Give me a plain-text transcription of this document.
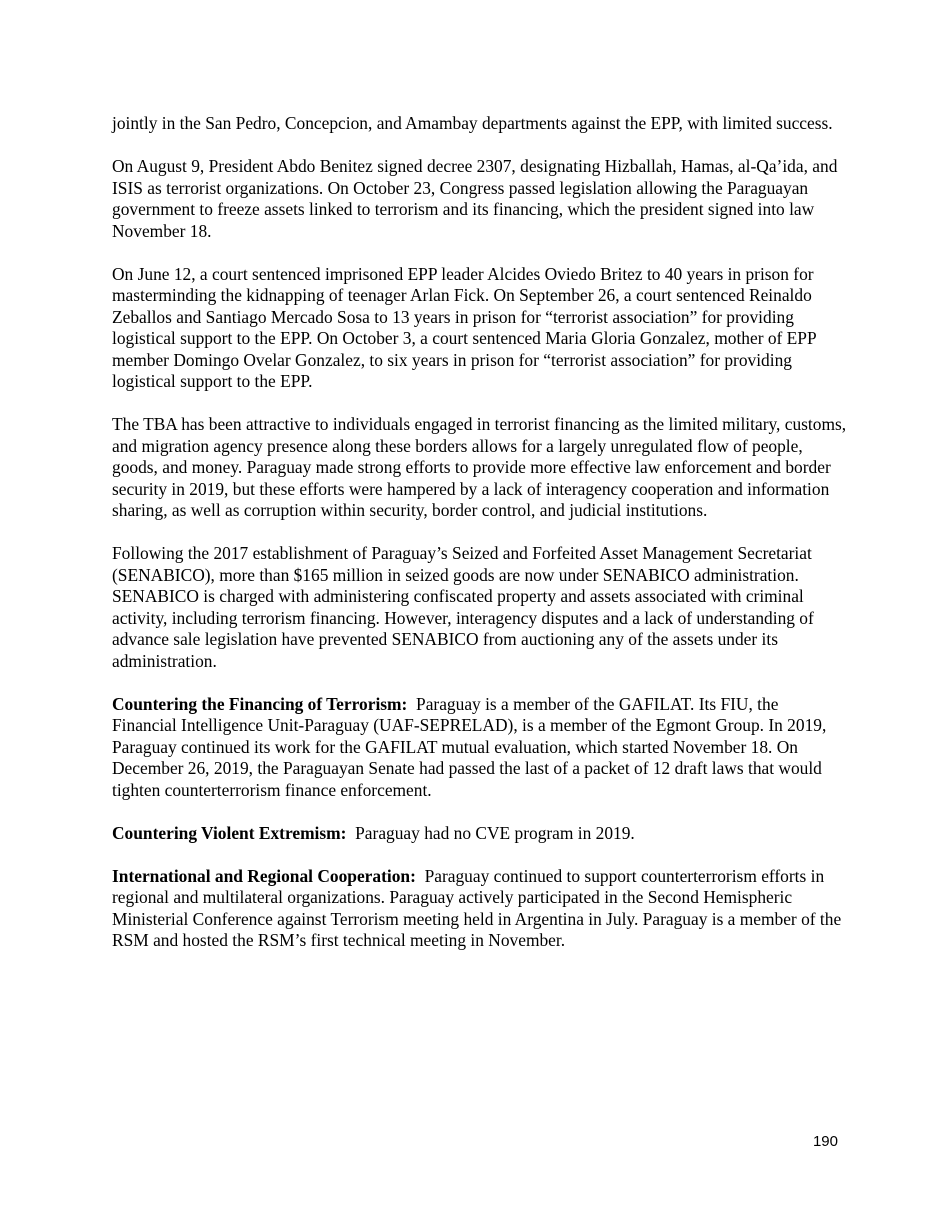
jointly in the San Pedro, Concepcion, and Amambay departments against the EPP, with limited success.

On August 9, President Abdo Benitez signed decree 2307, designating Hizballah, Hamas, al-Qa’ida, and ISIS as terrorist organizations. On October 23, Congress passed legislation allowing the Paraguayan government to freeze assets linked to terrorism and its financing, which the president signed into law November 18.

On June 12, a court sentenced imprisoned EPP leader Alcides Oviedo Britez to 40 years in prison for masterminding the kidnapping of teenager Arlan Fick. On September 26, a court sentenced Reinaldo Zeballos and Santiago Mercado Sosa to 13 years in prison for “terrorist association” for providing logistical support to the EPP. On October 3, a court sentenced Maria Gloria Gonzalez, mother of EPP member Domingo Ovelar Gonzalez, to six years in prison for “terrorist association” for providing logistical support to the EPP.

The TBA has been attractive to individuals engaged in terrorist financing as the limited military, customs, and migration agency presence along these borders allows for a largely unregulated flow of people, goods, and money. Paraguay made strong efforts to provide more effective law enforcement and border security in 2019, but these efforts were hampered by a lack of interagency cooperation and information sharing, as well as corruption within security, border control, and judicial institutions.

Following the 2017 establishment of Paraguay’s Seized and Forfeited Asset Management Secretariat (SENABICO), more than $165 million in seized goods are now under SENABICO administration. SENABICO is charged with administering confiscated property and assets associated with criminal activity, including terrorism financing. However, interagency disputes and a lack of understanding of advance sale legislation have prevented SENABICO from auctioning any of the assets under its administration.

Countering the Financing of Terrorism: Paraguay is a member of the GAFILAT. Its FIU, the Financial Intelligence Unit-Paraguay (UAF-SEPRELAD), is a member of the Egmont Group. In 2019, Paraguay continued its work for the GAFILAT mutual evaluation, which started November 18. On December 26, 2019, the Paraguayan Senate had passed the last of a packet of 12 draft laws that would tighten counterterrorism finance enforcement.

Countering Violent Extremism: Paraguay had no CVE program in 2019.

International and Regional Cooperation: Paraguay continued to support counterterrorism efforts in regional and multilateral organizations. Paraguay actively participated in the Second Hemispheric Ministerial Conference against Terrorism meeting held in Argentina in July. Paraguay is a member of the RSM and hosted the RSM’s first technical meeting in November.

190
